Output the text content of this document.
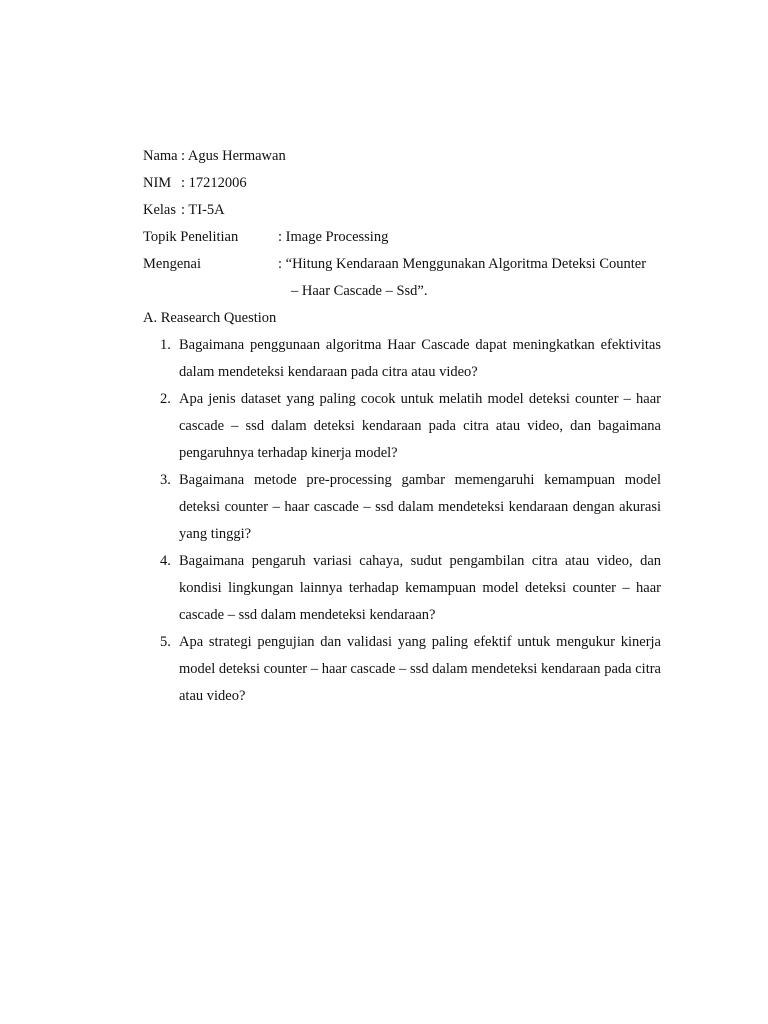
Nama : Agus Hermawan
NIM : 17212006
Kelas : TI-5A
Topik Penelitian	: Image Processing
Mengenai	: “Hitung Kendaraan Menggunakan Algoritma Deteksi Counter
– Haar Cascade – Ssd”.
A. Reasearch Question
1. Bagaimana penggunaan algoritma Haar Cascade dapat meningkatkan efektivitas dalam mendeteksi kendaraan pada citra atau video?
2. Apa jenis dataset yang paling cocok untuk melatih model deteksi counter – haar cascade – ssd dalam deteksi kendaraan pada citra atau video, dan bagaimana pengaruhnya terhadap kinerja model?
3. Bagaimana metode pre-processing gambar memengaruhi kemampuan model deteksi counter – haar cascade – ssd dalam mendeteksi kendaraan dengan akurasi yang tinggi?
4. Bagaimana pengaruh variasi cahaya, sudut pengambilan citra atau video, dan kondisi lingkungan lainnya terhadap kemampuan model deteksi counter – haar cascade – ssd dalam mendeteksi kendaraan?
5. Apa strategi pengujian dan validasi yang paling efektif untuk mengukur kinerja model deteksi counter – haar cascade – ssd dalam mendeteksi kendaraan pada citra atau video?
